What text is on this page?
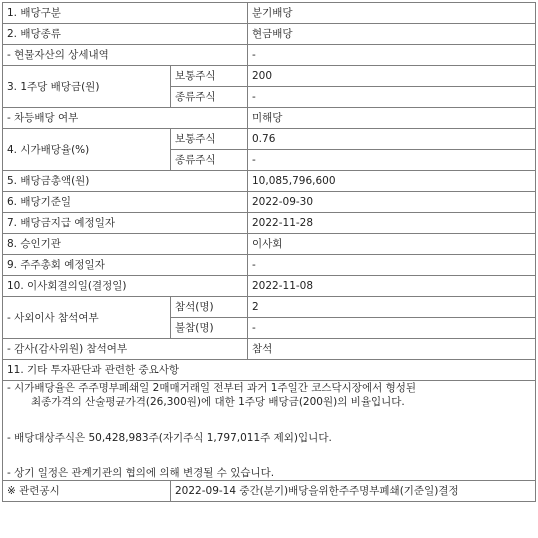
1. 배당구분		분기배당
2. 배당종류		현금배당
- 현물자산의 상세내역		-
3. 1주당 배당금(원)	보통주식	200
	종류주식	-
- 차등배당 여부		미해당
4. 시가배당율(%)	보통주식	0.76
	종류주식	-
5. 배당금총액(원)		10,085,796,600
6. 배당기준일		2022-09-30
7. 배당금지급 예정일자		2022-11-28
8. 승인기관		이사회
9. 주주총회 예정일자		-
10. 이사회결의일(결정일)		2022-11-08
- 사외이사 참석여부	참석(명)	2
	불참(명)	-
- 감사(감사위원) 참석여부		참석
11. 기타 투자판단과 관련한 중요사항		

- 시가배당율은 주주명부폐쇄일 2매매거래일 전부터 과거 1주일간 코스닥시장에서 형성된
최종가격의 산술평균가격(26,300원)에 대한 1주당 배당금(200원)의 비율입니다.
- 배당대상주식은 50,428,983주(자기주식 1,797,011주 제외)입니다.
- 상기 일정은 관계기관의 협의에 의해 변경될 수 있습니다.		

※ 관련공시	2022-09-14 중간(분기)배당을위한주주명부폐쇄(기준일)결정	
